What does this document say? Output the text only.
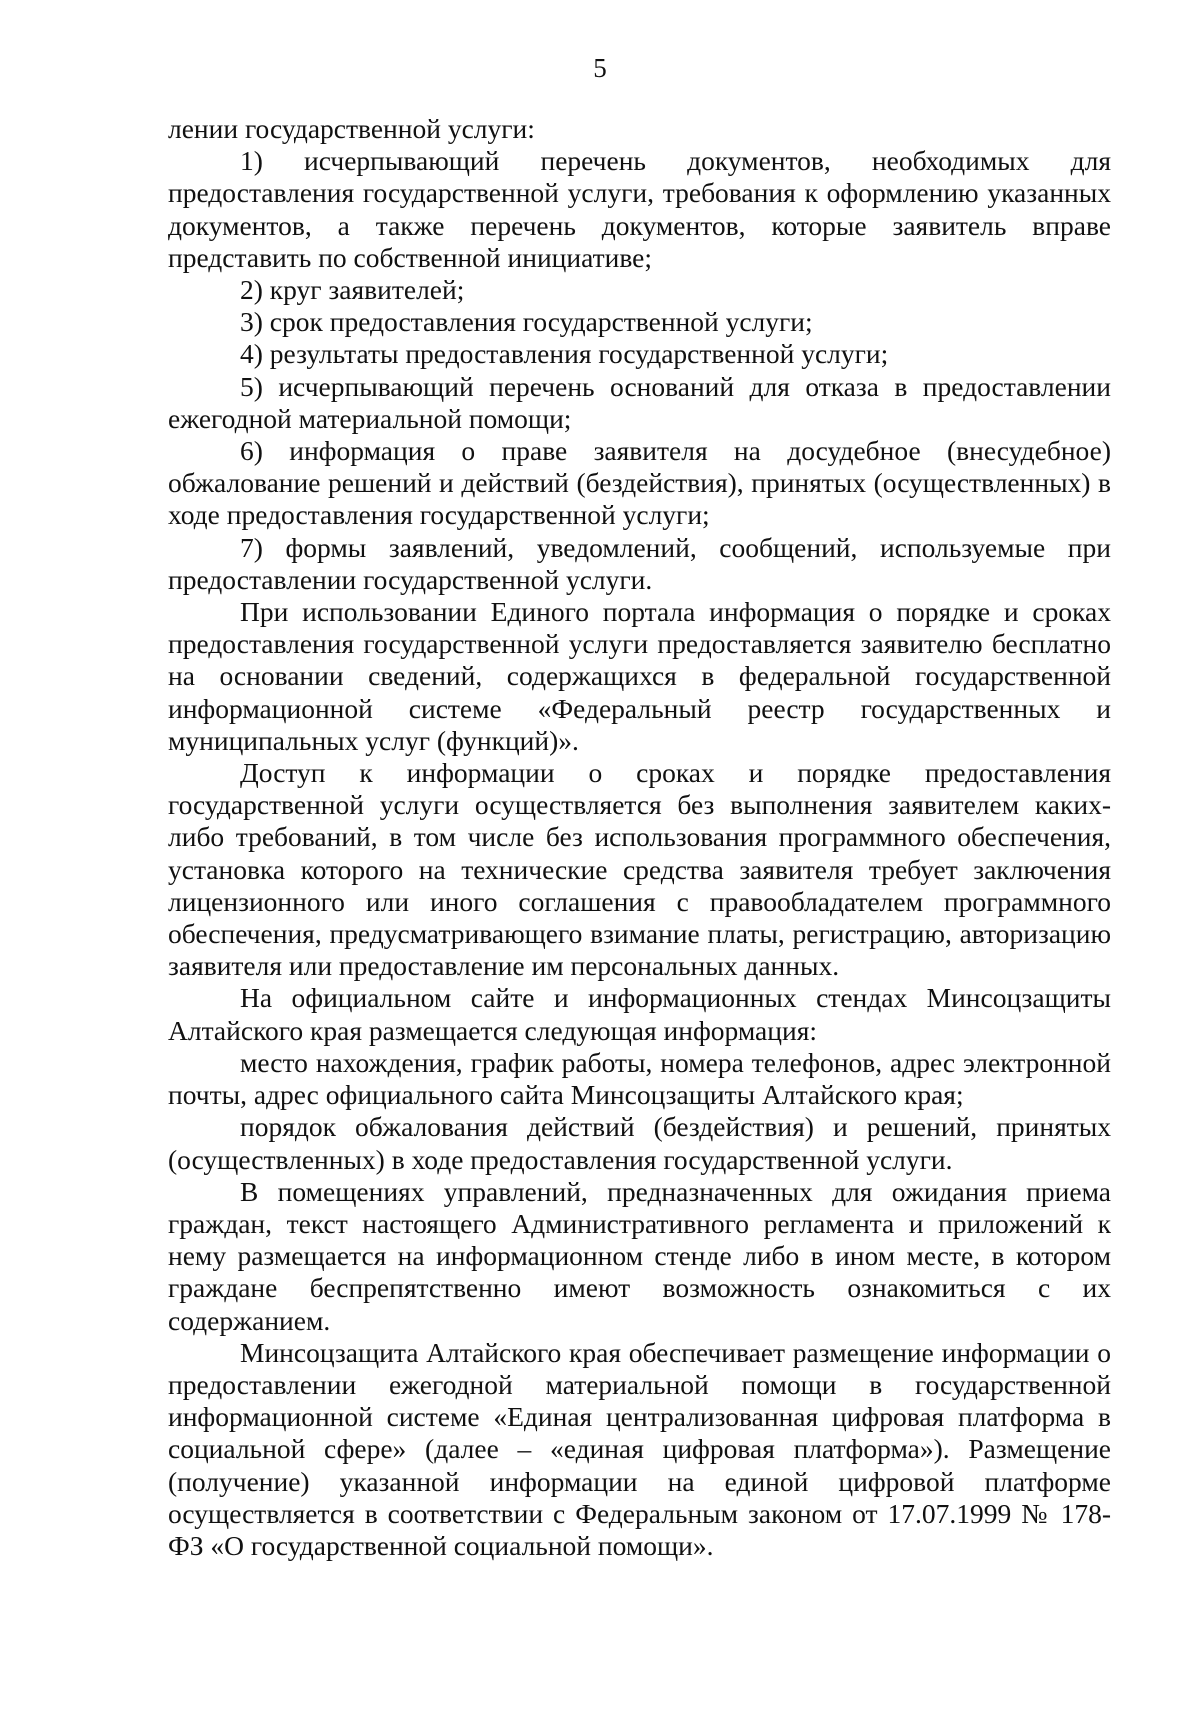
5

лении государственной услуги:

1) исчерпывающий перечень документов, необходимых для предоставления государственной услуги, требования к оформлению указанных документов, а также перечень документов, которые заявитель вправе представить по собственной инициативе;

2) круг заявителей;

3) срок предоставления государственной услуги;

4) результаты предоставления государственной услуги;

5) исчерпывающий перечень оснований для отказа в предоставлении ежегодной материальной помощи;

6) информация о праве заявителя на досудебное (внесудебное) обжалование решений и действий (бездействия), принятых (осуществленных) в ходе предоставления государственной услуги;

7) формы заявлений, уведомлений, сообщений, используемые при предоставлении государственной услуги.

При использовании Единого портала информация о порядке и сроках предоставления государственной услуги предоставляется заявителю бесплатно на основании сведений, содержащихся в федеральной государственной информационной системе «Федеральный реестр государственных и муниципальных услуг (функций)».

Доступ к информации о сроках и порядке предоставления государственной услуги осуществляется без выполнения заявителем каких-либо требований, в том числе без использования программного обеспечения, установка которого на технические средства заявителя требует заключения лицензионного или иного соглашения с правообладателем программного обеспечения, предусматривающего взимание платы, регистрацию, авторизацию заявителя или предоставление им персональных данных.

На официальном сайте и информационных стендах Минсоцзащиты Алтайского края размещается следующая информация:

место нахождения, график работы, номера телефонов, адрес электронной почты, адрес официального сайта Минсоцзащиты Алтайского края;

порядок обжалования действий (бездействия) и решений, принятых (осуществленных) в ходе предоставления государственной услуги.

В помещениях управлений, предназначенных для ожидания приема граждан, текст настоящего Административного регламента и приложений к нему размещается на информационном стенде либо в ином месте, в котором граждане беспрепятственно имеют возможность ознакомиться с их содержанием.

Минсоцзащита Алтайского края обеспечивает размещение информации о предоставлении ежегодной материальной помощи в государственной информационной системе «Единая централизованная цифровая платформа в социальной сфере» (далее – «единая цифровая платформа»). Размещение (получение) указанной информации на единой цифровой платформе осуществляется в соответствии с Федеральным законом от 17.07.1999 № 178-ФЗ «О государственной социальной помощи».
